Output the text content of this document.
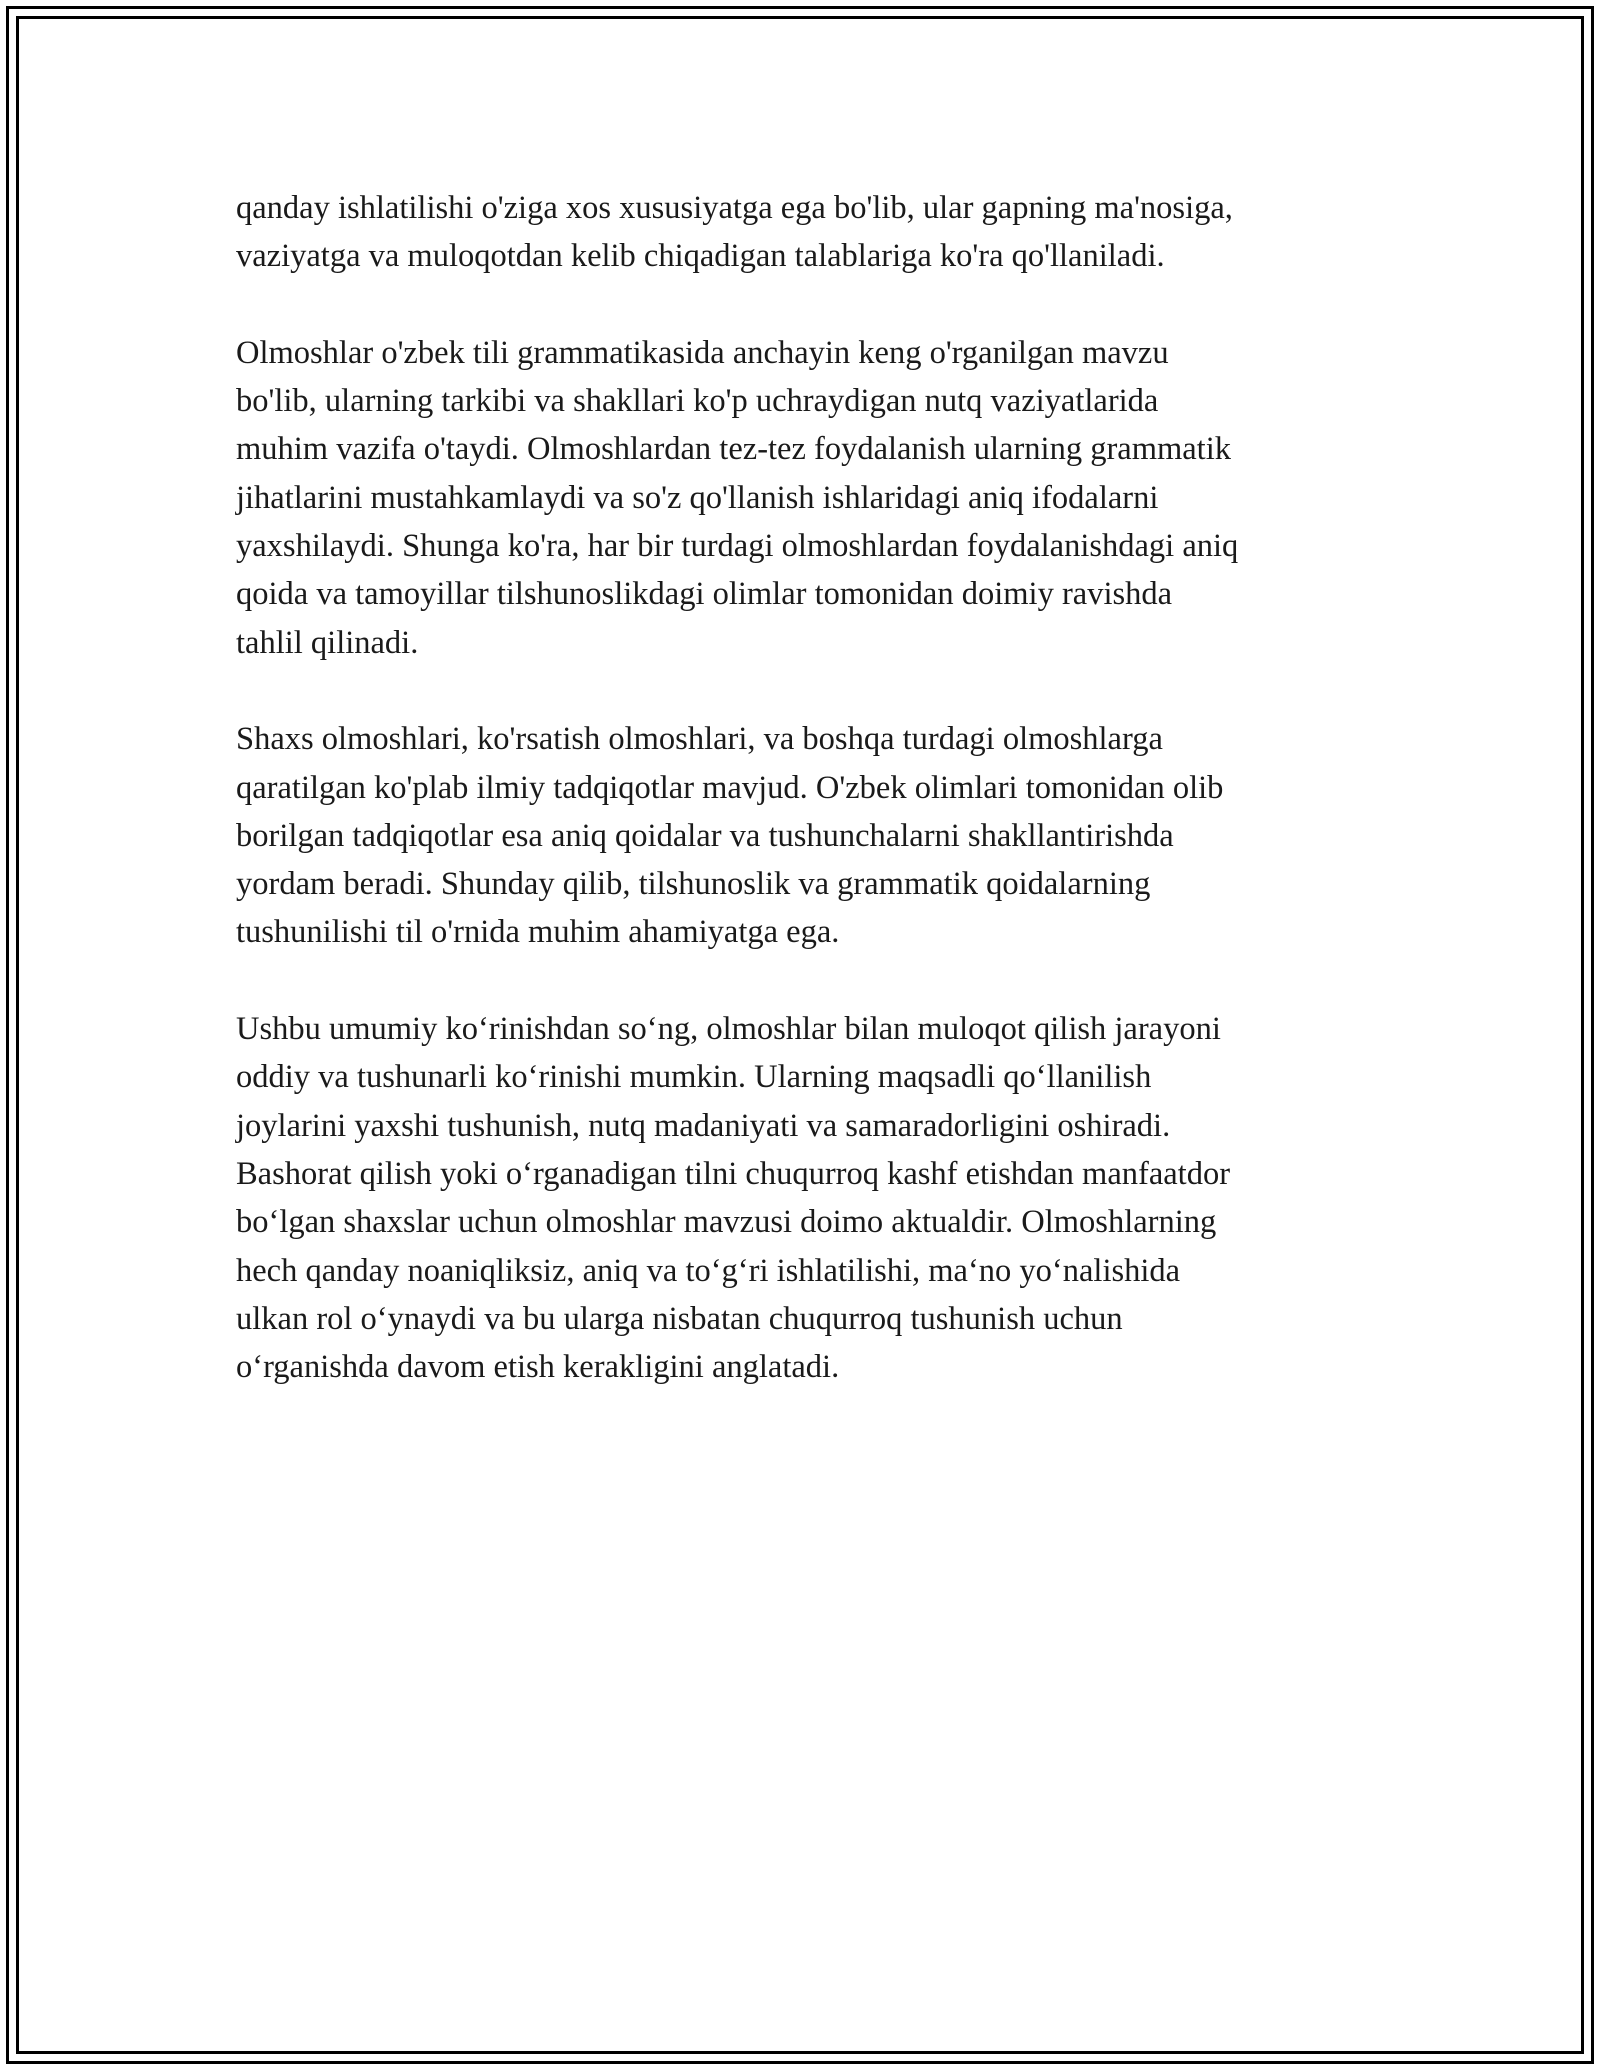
qanday ishlatilishi o'ziga xos xususiyatga ega bo'lib, ular gapning ma'nosiga,
vaziyatga va muloqotdan kelib chiqadigan talablariga ko'ra qo'llaniladi.

Olmoshlar o'zbek tili grammatikasida anchayin keng o'rganilgan mavzu
bo'lib, ularning tarkibi va shakllari ko'p uchraydigan nutq vaziyatlarida
muhim vazifa o'taydi. Olmoshlardan tez-tez foydalanish ularning grammatik
jihatlarini mustahkamlaydi va so'z qo'llanish ishlaridagi aniq ifodalarni
yaxshilaydi. Shunga ko'ra, har bir turdagi olmoshlardan foydalanishdagi aniq
qoida va tamoyillar tilshunoslikdagi olimlar tomonidan doimiy ravishda
tahlil qilinadi.

Shaxs olmoshlari, ko'rsatish olmoshlari, va boshqa turdagi olmoshlarga
qaratilgan ko'plab ilmiy tadqiqotlar mavjud. O'zbek olimlari tomonidan olib
borilgan tadqiqotlar esa aniq qoidalar va tushunchalarni shakllantirishda
yordam beradi. Shunday qilib, tilshunoslik va grammatik qoidalarning
tushunilishi til o'rnida muhim ahamiyatga ega.

Ushbu umumiy koʻrinishdan soʻng, olmoshlar bilan muloqot qilish jarayoni
oddiy va tushunarli koʻrinishi mumkin. Ularning maqsadli qoʻllanilish
joylarini yaxshi tushunish, nutq madaniyati va samaradorligini oshiradi.
Bashorat qilish yoki oʻrganadigan tilni chuqurroq kashf etishdan manfaatdor
boʻlgan shaxslar uchun olmoshlar mavzusi doimo aktualdir. Olmoshlarning
hech qanday noaniqliksiz, aniq va toʻgʻri ishlatilishi, maʻno yoʻnalishida
ulkan rol oʻynaydi va bu ularga nisbatan chuqurroq tushunish uchun
oʻrganishda davom etish kerakligini anglatadi.
